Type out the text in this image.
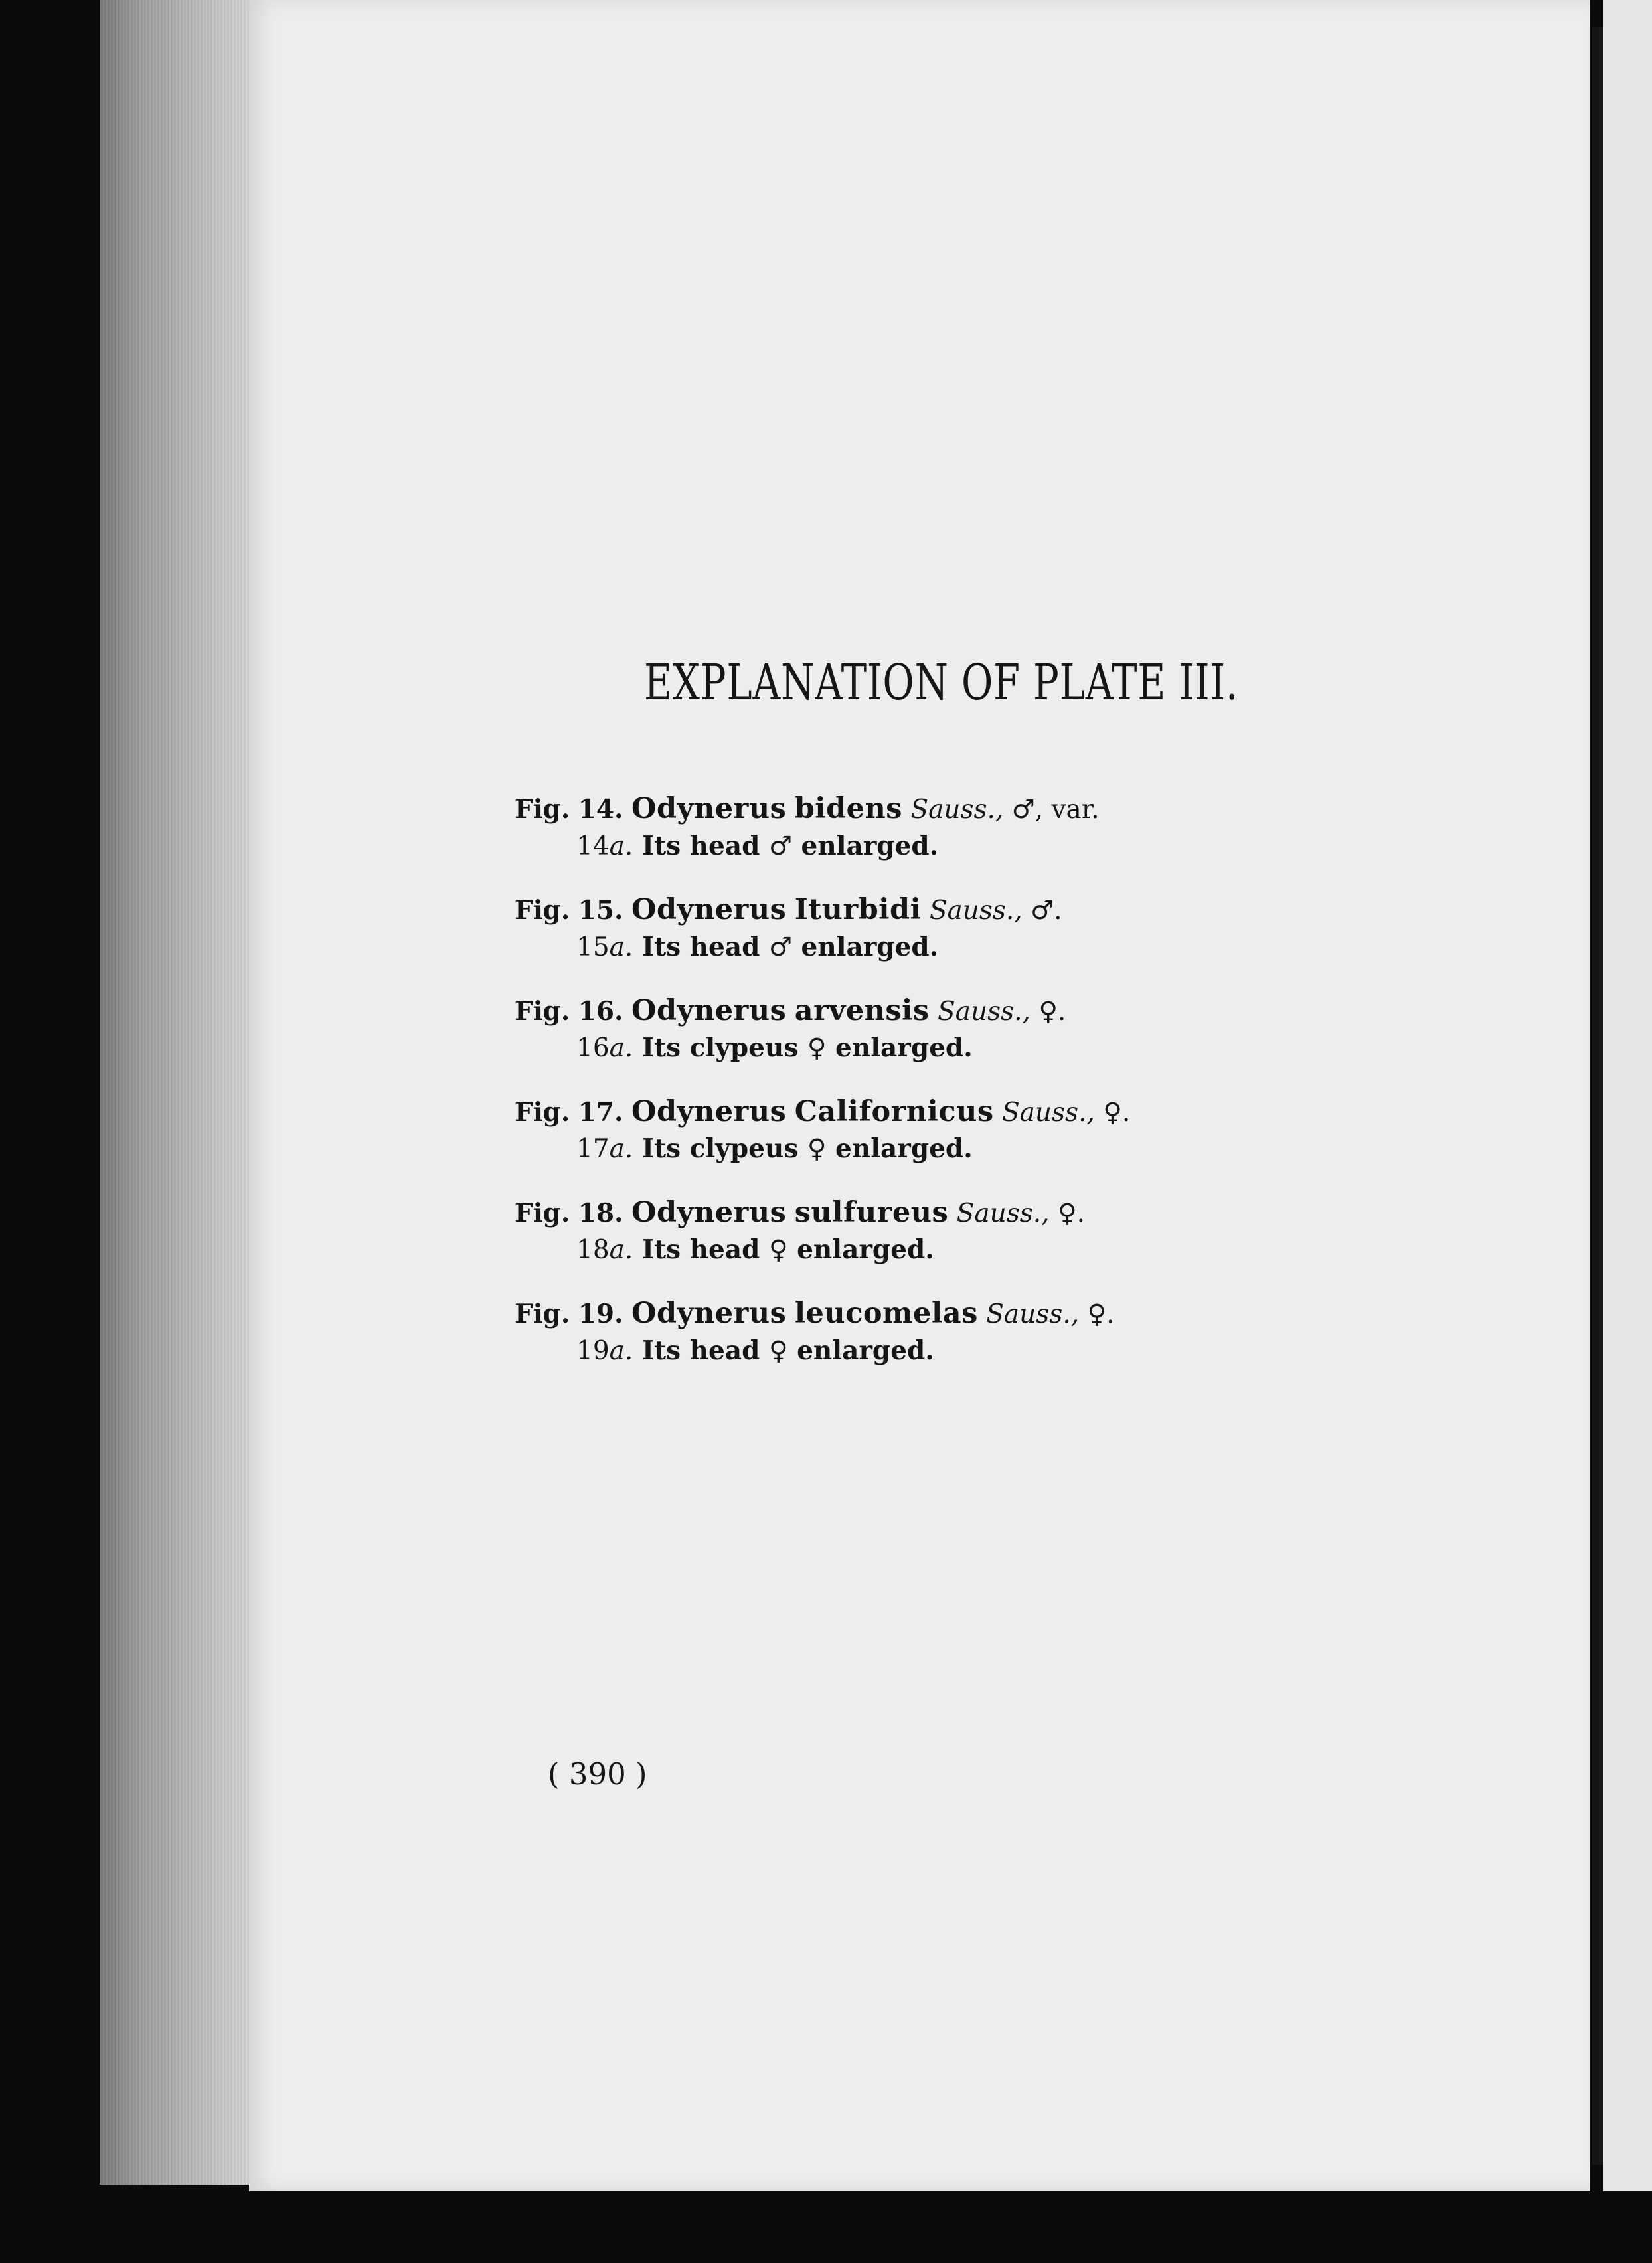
EXPLANATION OF PLATE III.
Fig. 14. Odynerus bidens Sauss., ♂, var.
14a. Its head ♂ enlarged.
Fig. 15. Odynerus Iturbidi Sauss., ♂.
15a. Its head ♂ enlarged.
Fig. 16. Odynerus arvensis Sauss., ♀.
16a. Its clypeus ♀ enlarged.
Fig. 17. Odynerus Californicus Sauss., ♀.
17a. Its clypeus ♀ enlarged.
Fig. 18. Odynerus sulfureus Sauss., ♀.
18a. Its head ♀ enlarged.
Fig. 19. Odynerus leucomelas Sauss., ♀.
19a. Its head ♀ enlarged.
( 390 )
